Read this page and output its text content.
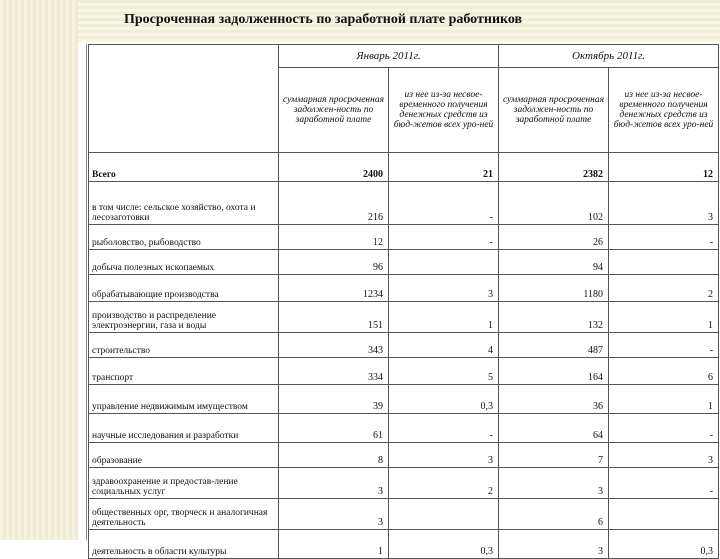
Просроченная задолженность по заработной плате работников
	Январь 2011г.		Октябрь 2011г.	
	суммарная просроченная задолжен-ность по заработной плате	из нее из-за несвое-временного получения денежных средств из бюд-жетов всех уро-ней	суммарная просроченная задолжен-ность по заработной плате	из нее из-за несвое-временного получения денежных средств из бюд-жетов всех уро-ней
Всего	2400	21	2382	12
в том числе: сельское хозяйство, охота и лесозаготовки	216	-	102	3
рыболовство, рыбоводство	12	-	26	-
добыча полезных ископаемых	96		94	
обрабатывающие производства	1234	3	1180	2
производство и распределение электроэнергии, газа и воды	151	1	132	1
строительство	343	4	487	-
транспорт	334	5	164	6
управление недвижимым имуществом	39	0,3	36	1
научные исследования и разработки	61	-	64	-
образование	8	3	7	3
здравоохранение и предостав-ление социальных услуг	3	2	3	-
общественных орг, творческ и аналогичная деятельность	3		6	
деятельность в области культуры	1	0,3	3	0,3
